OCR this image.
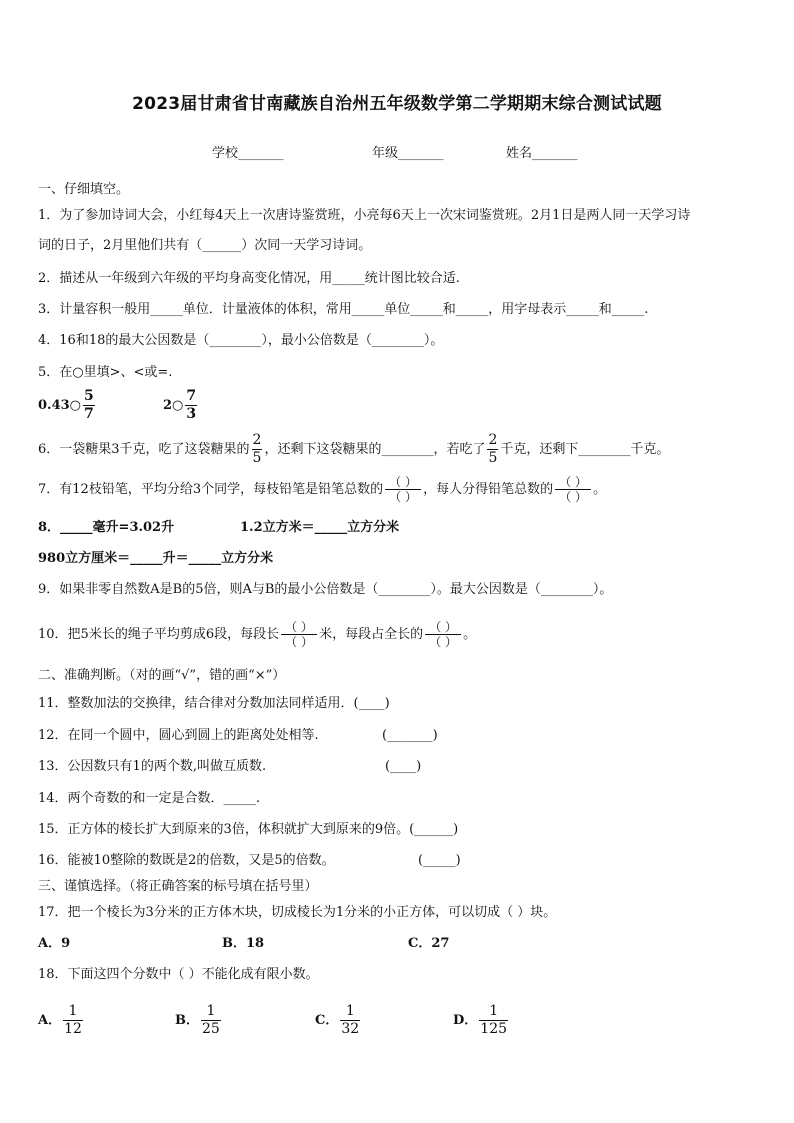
2023届甘肃省甘南藏族自治州五年级数学第二学期期末综合测试试题
学校_______	年级_______	姓名_______
一、仔细填空。
1．为了参加诗词大会，小红每4天上一次唐诗鉴赏班，小亮每6天上一次宋词鉴赏班。2月1日是两人同一天学习诗
词的日子，2月里他们共有（______）次同一天学习诗词。
2．描述从一年级到六年级的平均身高变化情况，用_____统计图比较合适.
3．计量容积一般用_____单位．计量液体的体积，常用_____单位_____和_____，用字母表示_____和_____.
4．16和18的最大公因数是（________），最小公倍数是（________）。
5．在○里填>、<或=.
0.43○ $\frac{5}{7}$	2○ $\frac{7}{3}$
6．一袋糖果3千克，吃了这袋糖果的 $\frac{2}{5}$ ，还剩下这袋糖果的________，若吃了 $\frac{2}{5}$ 千克，还剩下________千克。
7．有12枝铅笔，平均分给3个同学，每枝铅笔是铅笔总数的 $\frac{( )}{( )}$ ，每人分得铅笔总数的 $\frac{( )}{( )}$ 。
8．_____毫升=3.02升	1.2立方米＝_____立方分米
980立方厘米＝_____升＝_____立方分米
9．如果非零自然数A是B的5倍，则A与B的最小公倍数是（________）。最大公因数是（________）。
10．把5米长的绳子平均剪成6段，每段长 $\frac{( )}{( )}$ 米，每段占全长的 $\frac{( )}{( )}$ 。
二、准确判断。（对的画“√”，错的画“×”）
11．整数加法的交换律，结合律对分数加法同样适用．(____)
12．在同一个圆中，圆心到圆上的距离处处相等.	(_______)
13．公因数只有1的两个数,叫做互质数.	(____)
14．两个奇数的和一定是合数．_____.
15．正方体的棱长扩大到原来的3倍，体积就扩大到原来的9倍。(______)
16．能被10整除的数既是2的倍数，又是5的倍数。	(_____)
三、谨慎选择。（将正确答案的标号填在括号里）
17．把一个棱长为3分米的正方体木块，切成棱长为1分米的小正方体，可以切成（ ）块。
A．9	B．18	C．27
18．下面这四个分数中（ ）不能化成有限小数。
A． $\frac{1}{12}$	B． $\frac{1}{25}$	C． $\frac{1}{32}$	D． $\frac{1}{125}$
